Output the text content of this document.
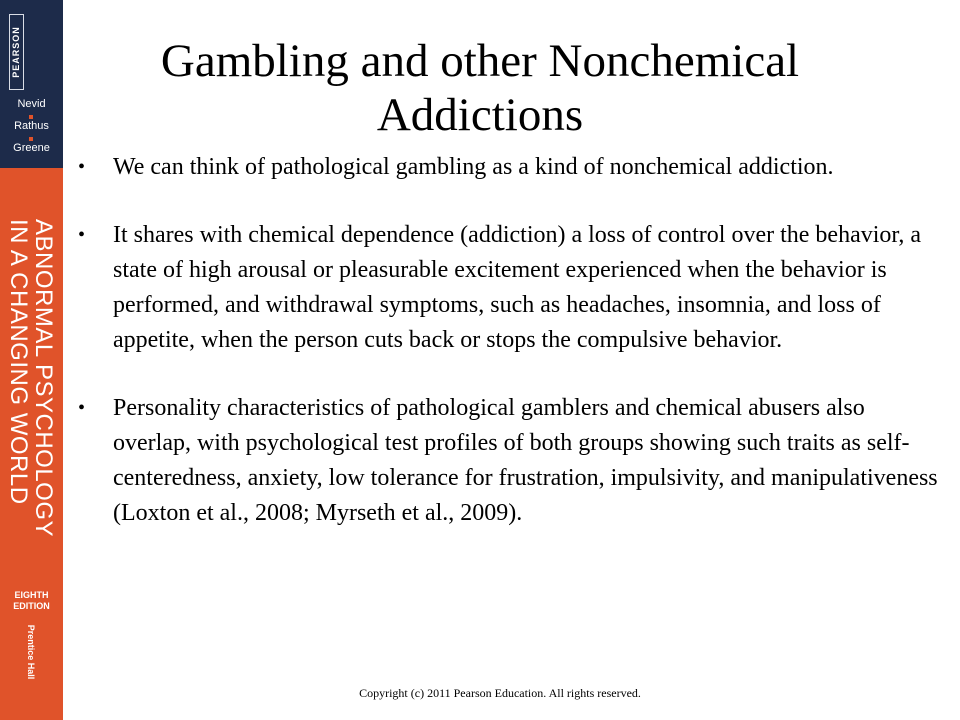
PEARSON
Nevid
Rathus
Greene
ABNORMAL PSYCHOLOGY
IN A CHANGING WORLD
EIGHTH
EDITION
Prentice Hall
Gambling and other Nonchemical
Addictions
• We can think of pathological gambling as a kind of nonchemical addiction.
• It shares with chemical dependence (addiction) a loss of control over the behavior, a state of high arousal or pleasurable excitement experienced when the behavior is performed, and withdrawal symptoms, such as headaches, insomnia, and loss of appetite, when the person cuts back or stops the compulsive behavior.
• Personality characteristics of pathological gamblers and chemical abusers also overlap, with psychological test profiles of both groups showing such traits as self-centeredness, anxiety, low tolerance for frustration, impulsivity, and manipulativeness (Loxton et al., 2008; Myrseth et al., 2009).
Copyright (c) 2011 Pearson Education. All rights reserved.
